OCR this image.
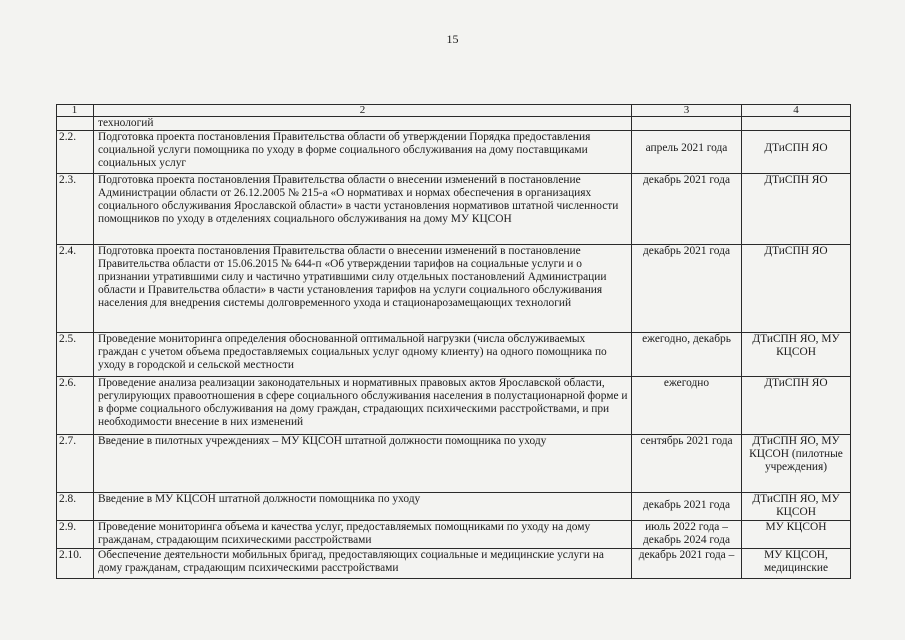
15
1	2	3	4
	технологий		
2.2.	Подготовка проекта постановления Правительства области об утверждении Порядка предоставления социальной услуги помощника по уходу в форме социального обслуживания на дому поставщиками социальных услуг	апрель 2021 года	ДТиСПН ЯО
2.3.	Подготовка проекта постановления Правительства области о внесении изменений в постановление Администрации области от 26.12.2005 № 215-а «О нормативах и нормах обеспечения в организациях социального обслуживания Ярославской области» в части установления нормативов штатной численности помощников по уходу в отделениях социального обслуживания на дому МУ КЦСОН	декабрь 2021 года	ДТиСПН ЯО
2.4.	Подготовка проекта постановления Правительства области о внесении изменений в постановление Правительства области от 15.06.2015 № 644-п «Об утверждении тарифов на социальные услуги и о признании утратившими силу и частично утратившими силу отдельных постановлений Администрации области и Правительства области» в части установления тарифов на услуги социального обслуживания населения для внедрения системы долговременного ухода и стационарозамещающих технологий	декабрь 2021 года	ДТиСПН ЯО
2.5.	Проведение мониторинга определения обоснованной оптимальной нагрузки (числа обслуживаемых граждан с учетом объема предоставляемых социальных услуг одному клиенту) на одного помощника по уходу в городской и сельской местности	ежегодно, декабрь	ДТиСПН ЯО, МУ КЦСОН
2.6.	Проведение анализа реализации законодательных и нормативных правовых актов Ярославской области, регулирующих правоотношения в сфере социального обслуживания населения в полустационарной форме и в форме социального обслуживания на дому граждан, страдающих психическими расстройствами, и при необходимости внесение в них изменений	ежегодно	ДТиСПН ЯО
2.7.	Введение в пилотных учреждениях – МУ КЦСОН штатной должности помощника по уходу	сентябрь 2021 года	ДТиСПН ЯО, МУ КЦСОН (пилотные учреждения)
2.8.	Введение в МУ КЦСОН штатной должности помощника по уходу	декабрь 2021 года	ДТиСПН ЯО, МУ КЦСОН
2.9.	Проведение мониторинга объема и качества услуг, предоставляемых помощниками по уходу на дому гражданам, страдающим психическими расстройствами	июль 2022 года – декабрь 2024 года	МУ КЦСОН
2.10.	Обеспечение деятельности мобильных бригад, предоставляющих социальные и медицинские услуги на дому гражданам, страдающим психическими расстройствами	декабрь 2021 года –	МУ КЦСОН, медицинские
